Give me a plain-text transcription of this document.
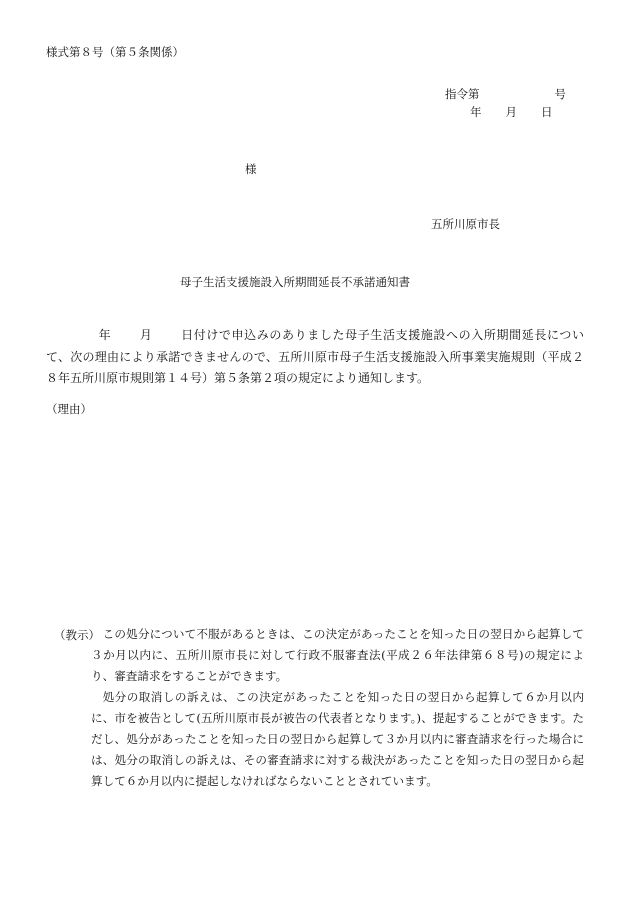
様式第８号（第５条関係）
指令第	号
年 月 日
様
五所川原市長
母子生活支援施設入所期間延長不承諾通知書
年 月 日付けで申込みのありました母子生活支援施設への入所期間延長について、次の理由により承諾できませんので、五所川原市母子生活支援施設入所事業実施規則（平成２８年五所川原市規則第１４号）第５条第２項の規定により通知します。
（理由）
（教示） この処分について不服があるときは、この決定があったことを知った日の翌日から起算して３か月以内に、五所川原市長に対して行政不服審査法(平成２６年法律第６８号)の規定により、審査請求をすることができます。

処分の取消しの訴えは、この決定があったことを知った日の翌日から起算して６か月以内に、市を被告として(五所川原市長が被告の代表者となります。)、提起することができます。ただし、処分があったことを知った日の翌日から起算して３か月以内に審査請求を行った場合には、処分の取消しの訴えは、その審査請求に対する裁決があったことを知った日の翌日から起算して６か月以内に提起しなければならないこととされています。
